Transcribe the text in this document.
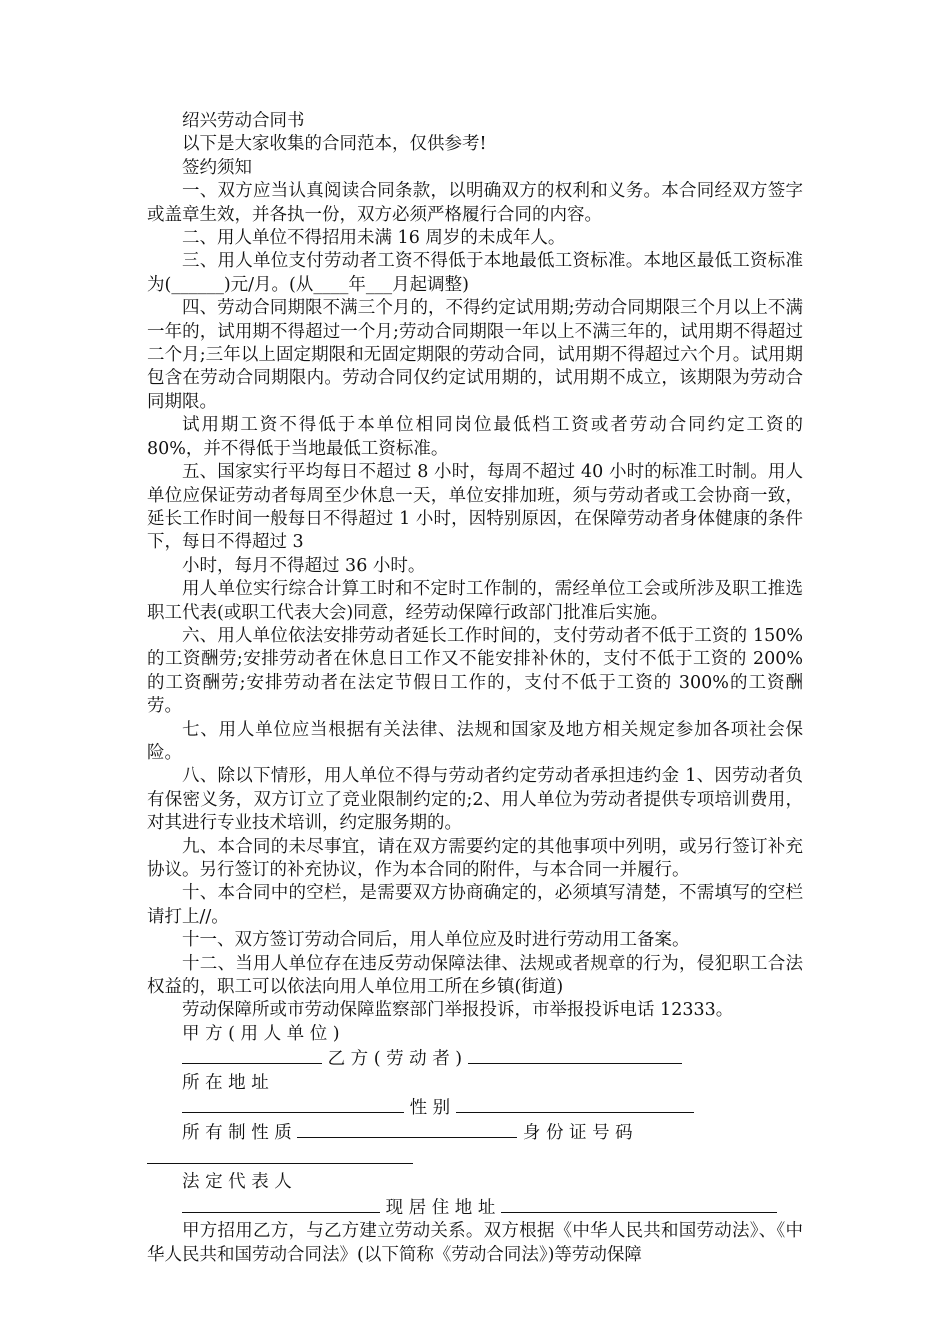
绍兴劳动合同书

以下是大家收集的合同范本，仅供参考!

签约须知

一、双方应当认真阅读合同条款，以明确双方的权利和义务。本合同经双方签字或盖章生效，并各执一份，双方必须严格履行合同的内容。

二、用人单位不得招用未满 16 周岁的未成年人。

三、用人单位支付劳动者工资不得低于本地最低工资标准。本地区最低工资标准为(______)元/月。(从____年___月起调整)

四、劳动合同期限不满三个月的，不得约定试用期;劳动合同期限三个月以上不满一年的，试用期不得超过一个月;劳动合同期限一年以上不满三年的，试用期不得超过二个月;三年以上固定期限和无固定期限的劳动合同，试用期不得超过六个月。试用期包含在劳动合同期限内。劳动合同仅约定试用期的，试用期不成立，该期限为劳动合同期限。

试用期工资不得低于本单位相同岗位最低档工资或者劳动合同约定工资的 80%，并不得低于当地最低工资标准。

五、国家实行平均每日不超过 8 小时，每周不超过 40 小时的标准工时制。用人单位应保证劳动者每周至少休息一天，单位安排加班，须与劳动者或工会协商一致，延长工作时间一般每日不得超过 1 小时，因特别原因，在保障劳动者身体健康的条件下，每日不得超过 3

小时，每月不得超过 36 小时。

用人单位实行综合计算工时和不定时工作制的，需经单位工会或所涉及职工推选职工代表(或职工代表大会)同意，经劳动保障行政部门批准后实施。

六、用人单位依法安排劳动者延长工作时间的，支付劳动者不低于工资的 150%的工资酬劳;安排劳动者在休息日工作又不能安排补休的，支付不低于工资的 200%的工资酬劳;安排劳动者在法定节假日工作的，支付不低于工资的 300%的工资酬劳。

七、用人单位应当根据有关法律、法规和国家及地方相关规定参加各项社会保险。

八、除以下情形，用人单位不得与劳动者约定劳动者承担违约金 1、因劳动者负有保密义务，双方订立了竞业限制约定的;2、用人单位为劳动者提供专项培训费用，对其进行专业技术培训，约定服务期的。

九、本合同的未尽事宜，请在双方需要约定的其他事项中列明，或另行签订补充协议。另行签订的补充协议，作为本合同的附件，与本合同一并履行。

十、本合同中的空栏，是需要双方协商确定的，必须填写清楚，不需填写的空栏请打上//。

十一、双方签订劳动合同后，用人单位应及时进行劳动用工备案。

十二、当用人单位存在违反劳动保障法律、法规或者规章的行为，侵犯职工合法权益的，职工可以依法向用人单位用工所在乡镇(街道)

劳动保障所或市劳动保障监察部门举报投诉，市举报投诉电话 12333。

甲 方 ( 用 人 单 位 )

乙 方 ( 劳 动 者 )

所 在 地 址

性 别

所 有 制 性 质	身 份 证 号 码

法 定 代 表 人

现 居 住 地 址

甲方招用乙方，与乙方建立劳动关系。双方根据《中华人民共和国劳动法》、《中华人民共和国劳动合同法》(以下简称《劳动合同法》)等劳动保障
